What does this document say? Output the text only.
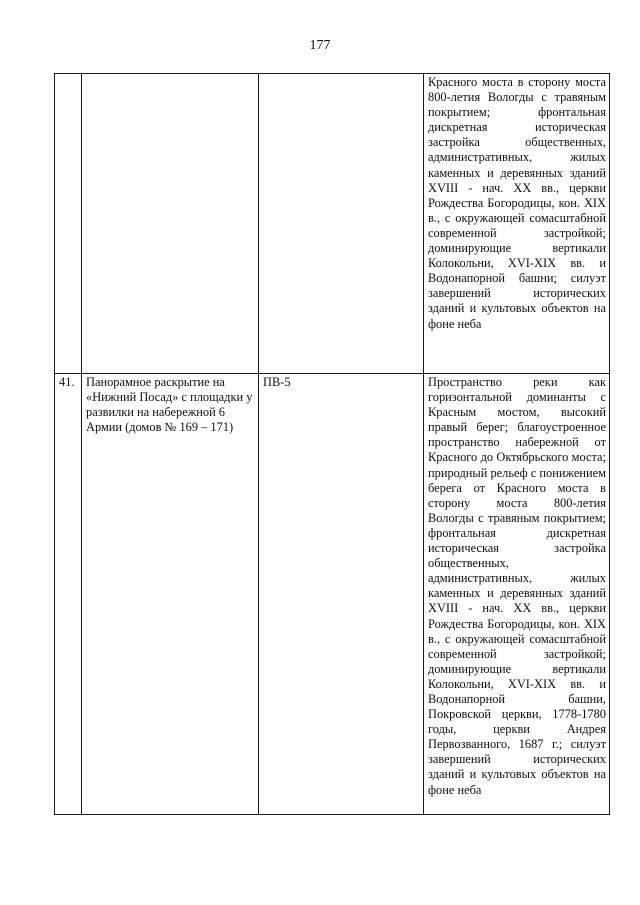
177

			Красного моста в сторону моста 800-летия Вологды с травяным покрытием; фронтальная дискретная историческая застройка общественных, административных, жилых каменных и деревянных зданий XVIII - нач. XX вв., церкви Рождества Богородицы, кон. XIX в., с окружающей сомасштабной современной застройкой; доминирующие вертикали Колокольни, XVI-XIX вв. и Водонапорной башни; силуэт завершений исторических зданий и культовых объектов на фоне неба

41.	Панорамное раскрытие на «Нижний Посад» с площадки у развилки на набережной 6 Армии (домов № 169 – 171)	ПВ-5	Пространство реки как горизонтальной доминанты с Красным мостом, высокий правый берег; благоустроенное пространство набережной от Красного до Октябрьского моста; природный рельеф с понижением берега от Красного моста в сторону моста 800-летия Вологды с травяным покрытием; фронтальная дискретная историческая застройка общественных, административных, жилых каменных и деревянных зданий XVIII - нач. XX вв., церкви Рождества Богородицы, кон. XIX в., с окружающей сомасштабной современной застройкой; доминирующие вертикали Колокольни, XVI-XIX вв. и Водонапорной башни, Покровской церкви, 1778-1780 годы, церкви Андрея Первозванного, 1687 г.; силуэт завершений исторических зданий и культовых объектов на фоне неба
